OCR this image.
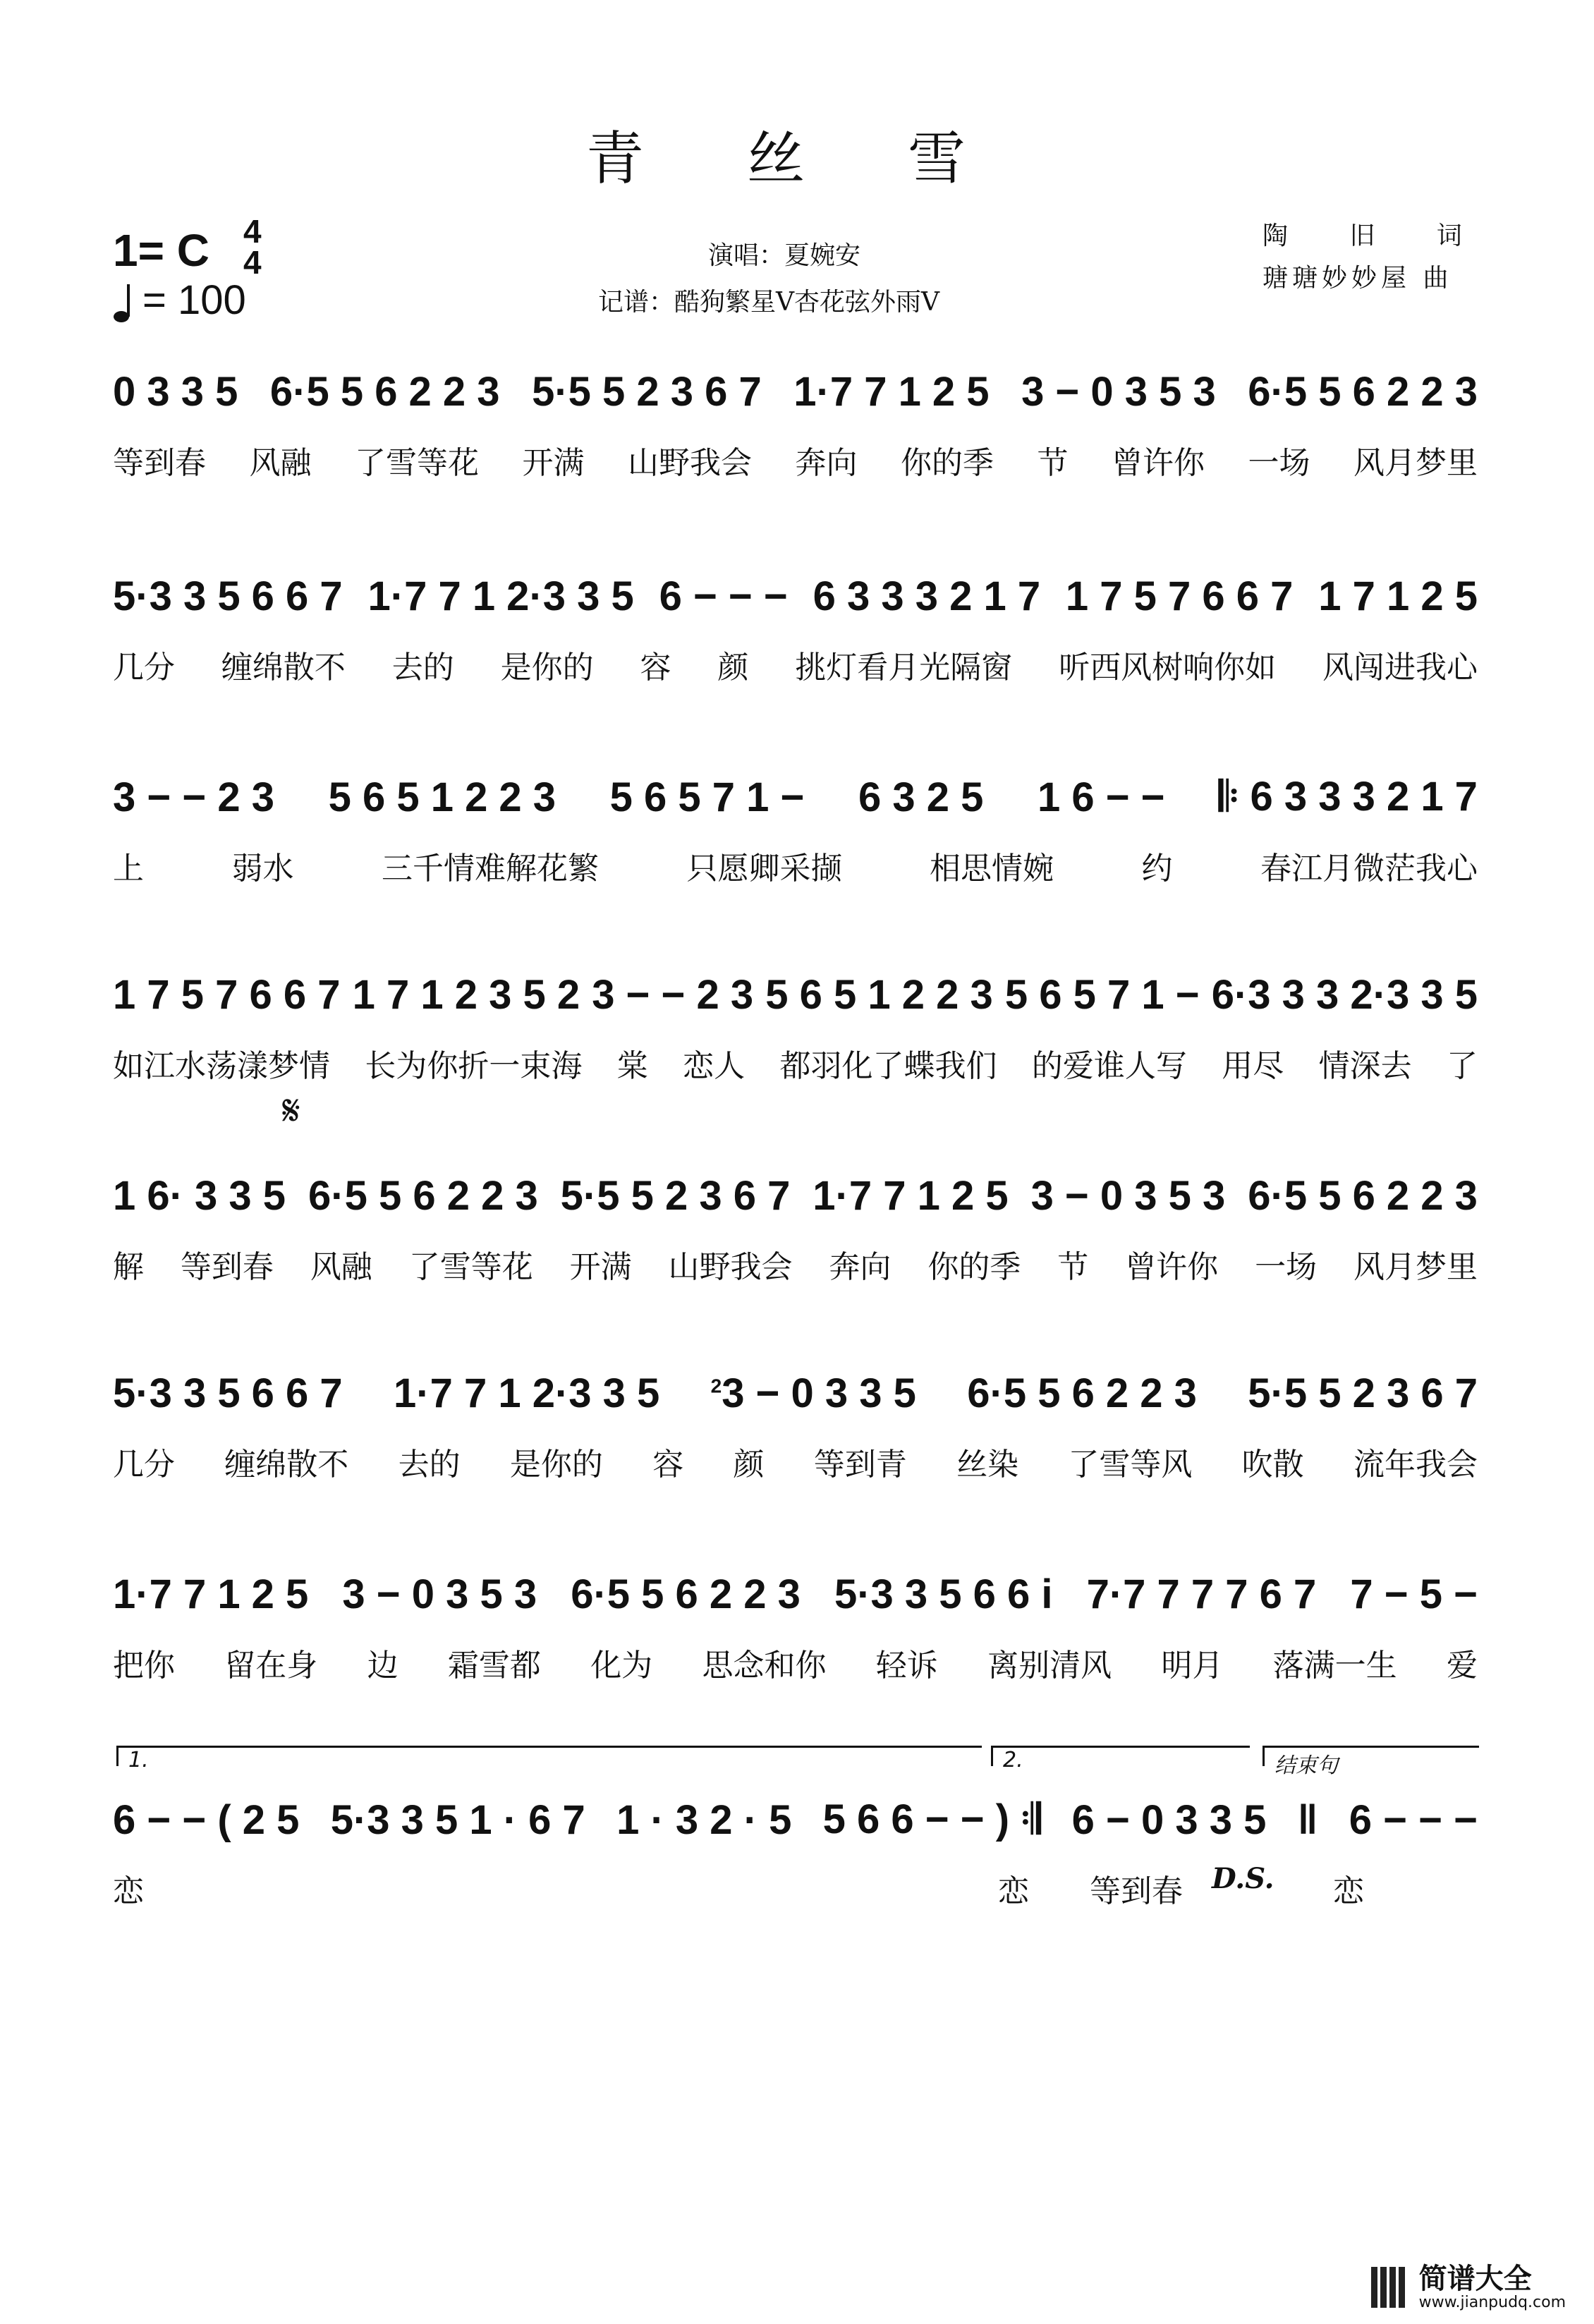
青 丝 雪
1= C 4
4
= 100
演唱：夏婉安
记谱：酷狗繁星V杏花弦外雨V
陶 旧 词
瑭瑭妙妙屋 曲
0 3 3 5 6·5 5 6 2 2 3 5·5 5 2 3 6 7 1·7 7 1 2 5 3 − 0 3 5 3 6·5 5 6 2 2 3
等到春 风融 了雪等花 开满 山野我会 奔向 你的季 节 曾许你 一场 风月梦里
5·3 3 5 6 6 7 1·7 7 1 2·3 3 5 6 − − − 6 3 3 3 2 1 7 1 7 5 7 6 6 7 1 7 1 2 5
几分 缠绵散不 去的 是你的 容 颜 挑灯看月光隔窗 听西风树响你如 风闯进我心
3 − − 2 3 5 6 5 1 2 2 3 5 6 5 7 1 − 6 3 2 5 1 6 − − 𝄆 6 3 3 3 2 1 7
上	弱水	三千情难解花繁	只愿卿采撷	相思情婉	约	春江月微茫我心
1 7 5 7 6 6 7 1 7 1 2 3 5 2 3 − − 2 3 5 6 5 1 2 2 3 5 6 5 7 1 − 6·3 3 3 2·3 3 5
如江水荡漾梦情 长为你折一束海 棠 恋人 都羽化了蝶我们 的爱谁人写 用尽 情深去 了
𝄋
1 6· 3 3 5 6·5 5 6 2 2 3 5·5 5 2 3 6 7 1·7 7 1 2 5 3 − 0 3 5 3 6·5 5 6 2 2 3
解 等到春 风融 了雪等花 开满 山野我会 奔向 你的季 节 曾许你 一场 风月梦里
5·3 3 5 6 6 7 1·7 7 1 2·3 3 5	$^2$3 − 0 3 3 5 6·5 5 6 2 2 3 5·5 5 2 3 6 7
几分 缠绵散不 去的 是你的 容 颜 等到青 丝染 了雪等风 吹散 流年我会
1·7 7 1 2 5 3 − 0 3 5 3 6·5 5 6 2 2 3 5·3 3 5 6 6 i 7·7 7 7 7 6 7 7 − 5 −
把你 留在身 边 霜雪都 化为 思念和你 轻诉 离别清风 明月 落满一生 爱
1.	2.	结束句
6 − − ( 2 5 5·3 3 5 1 · 6 7 1 · 3 2 · 5 5 6 6 − − ) 𝄇 6 − 0 3 3 5 ‖ 6 − − −
恋	恋	等到春	恋
D.S.
简谱大全
www.jianpudq.com
